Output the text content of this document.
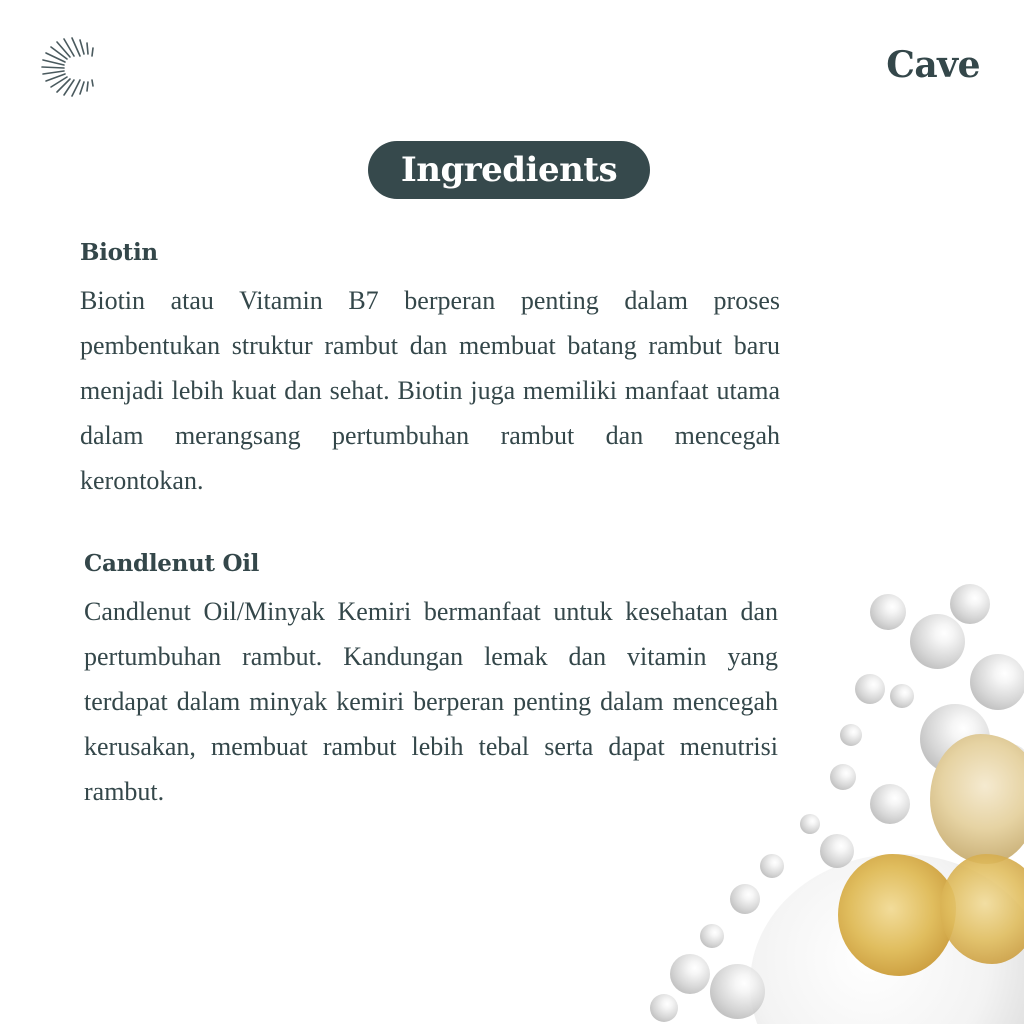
Cave
Ingredients
Biotin

Biotin atau Vitamin B7 berperan penting dalam proses pembentukan struktur rambut dan membuat batang rambut baru menjadi lebih kuat dan sehat. Biotin juga memiliki manfaat utama dalam merangsang pertumbuhan rambut dan mencegah kerontokan.

Candlenut Oil

Candlenut Oil/Minyak Kemiri bermanfaat untuk kesehatan dan pertumbuhan rambut. Kandungan lemak dan vitamin yang terdapat dalam minyak kemiri berperan penting dalam mencegah kerusakan, membuat rambut lebih tebal serta dapat menutrisi rambut.
